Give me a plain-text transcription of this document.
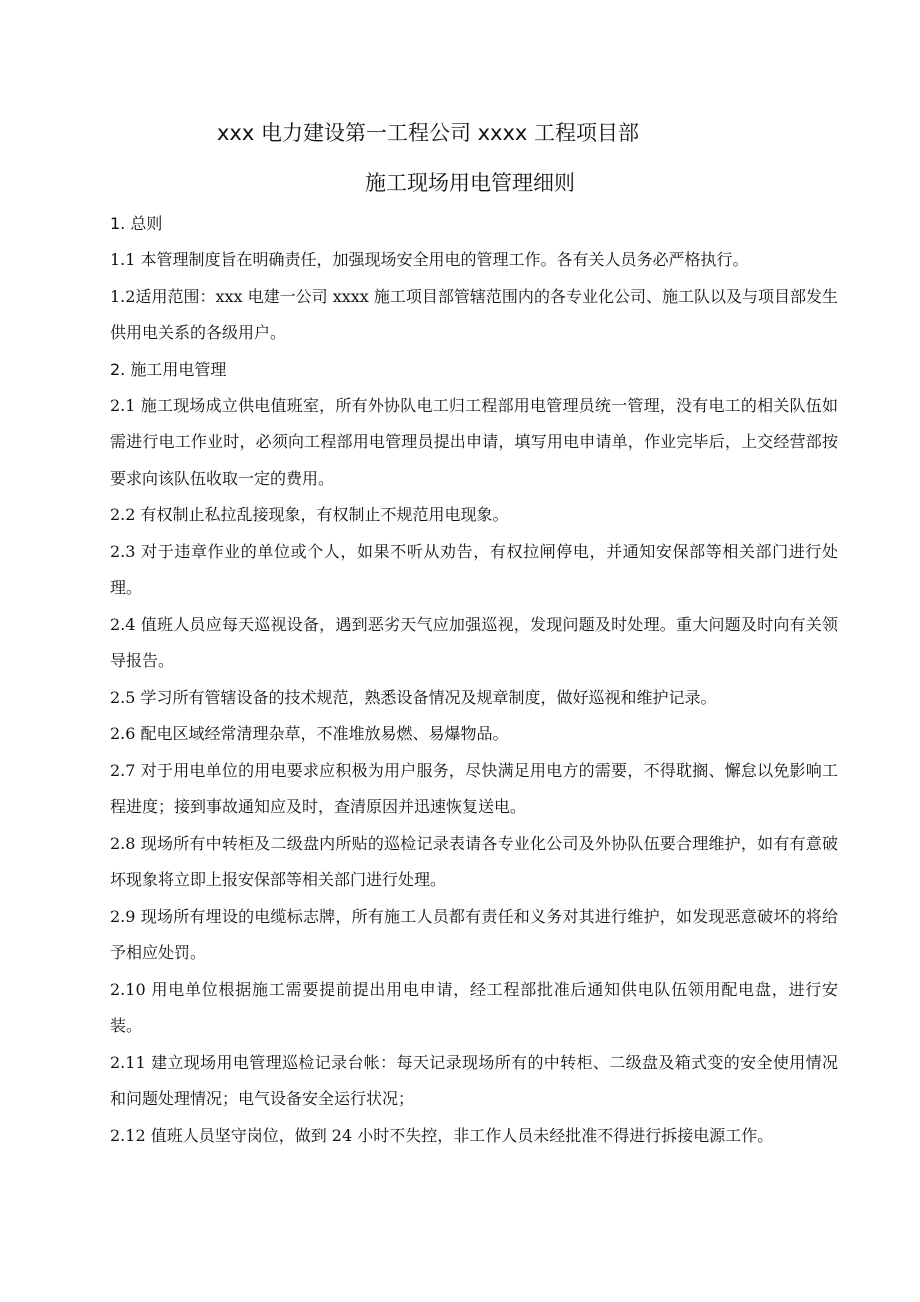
xxx 电力建设第一工程公司 xxxx 工程项目部
施工现场用电管理细则
1. 总则

1.1 本管理制度旨在明确责任，加强现场安全用电的管理工作。各有关人员务必严格执行。

1.2适用范围：xxx 电建一公司 xxxx 施工项目部管辖范围内的各专业化公司、施工队以及与项目部发生供用电关系的各级用户。

2. 施工用电管理

2.1 施工现场成立供电值班室，所有外协队电工归工程部用电管理员统一管理，没有电工的相关队伍如需进行电工作业时，必须向工程部用电管理员提出申请，填写用电申请单，作业完毕后，上交经营部按要求向该队伍收取一定的费用。

2.2 有权制止私拉乱接现象，有权制止不规范用电现象。

2.3 对于违章作业的单位或个人，如果不听从劝告，有权拉闸停电，并通知安保部等相关部门进行处理。

2.4 值班人员应每天巡视设备，遇到恶劣天气应加强巡视，发现问题及时处理。重大问题及时向有关领导报告。

2.5 学习所有管辖设备的技术规范，熟悉设备情况及规章制度，做好巡视和维护记录。

2.6 配电区域经常清理杂草，不准堆放易燃、易爆物品。

2.7 对于用电单位的用电要求应积极为用户服务，尽快满足用电方的需要，不得耽搁、懈怠以免影响工程进度；接到事故通知应及时，查清原因并迅速恢复送电。

2.8 现场所有中转柜及二级盘内所贴的巡检记录表请各专业化公司及外协队伍要合理维护，如有有意破坏现象将立即上报安保部等相关部门进行处理。

2.9 现场所有埋设的电缆标志牌，所有施工人员都有责任和义务对其进行维护，如发现恶意破坏的将给予相应处罚。

2.10 用电单位根据施工需要提前提出用电申请，经工程部批准后通知供电队伍领用配电盘，进行安装。

2.11 建立现场用电管理巡检记录台帐：每天记录现场所有的中转柜、二级盘及箱式变的安全使用情况和问题处理情况；电气设备安全运行状况；

2.12 值班人员坚守岗位，做到 24 小时不失控，非工作人员未经批准不得进行拆接电源工作。
